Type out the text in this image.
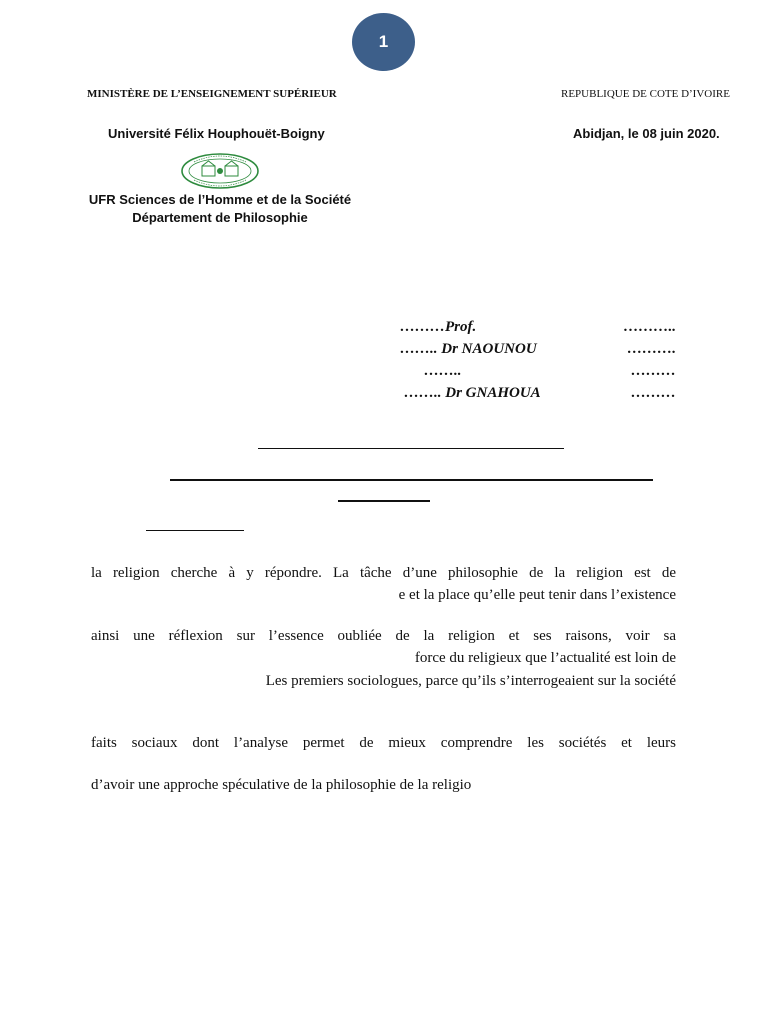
1
MINISTÈRE DE L’ENSEIGNEMENT SUPÉRIEUR	REPUBLIQUE DE COTE D’IVOIRE
Université Félix Houphouët-Boigny	Abidjan, le 08 juin 2020.
UFR Sciences de l’Homme et de la Société
Département de Philosophie
………Prof.	………..
…….. Dr NAOUNOU	……….
……..	………
…….. Dr GNAHOUA	………
la religion cherche à y répondre. La tâche d’une philosophie de la religion est de
e et la place qu’elle peut tenir dans l’existence
ainsi une réflexion sur l’essence oubliée de la religion et ses raisons, voir sa
force du religieux que l’actualité est loin de
Les premiers sociologues, parce qu’ils s’interrogeaient sur la société
faits sociaux dont l’analyse permet de mieux comprendre les sociétés et leurs
d’avoir une approche spéculative de la philosophie de la religio
